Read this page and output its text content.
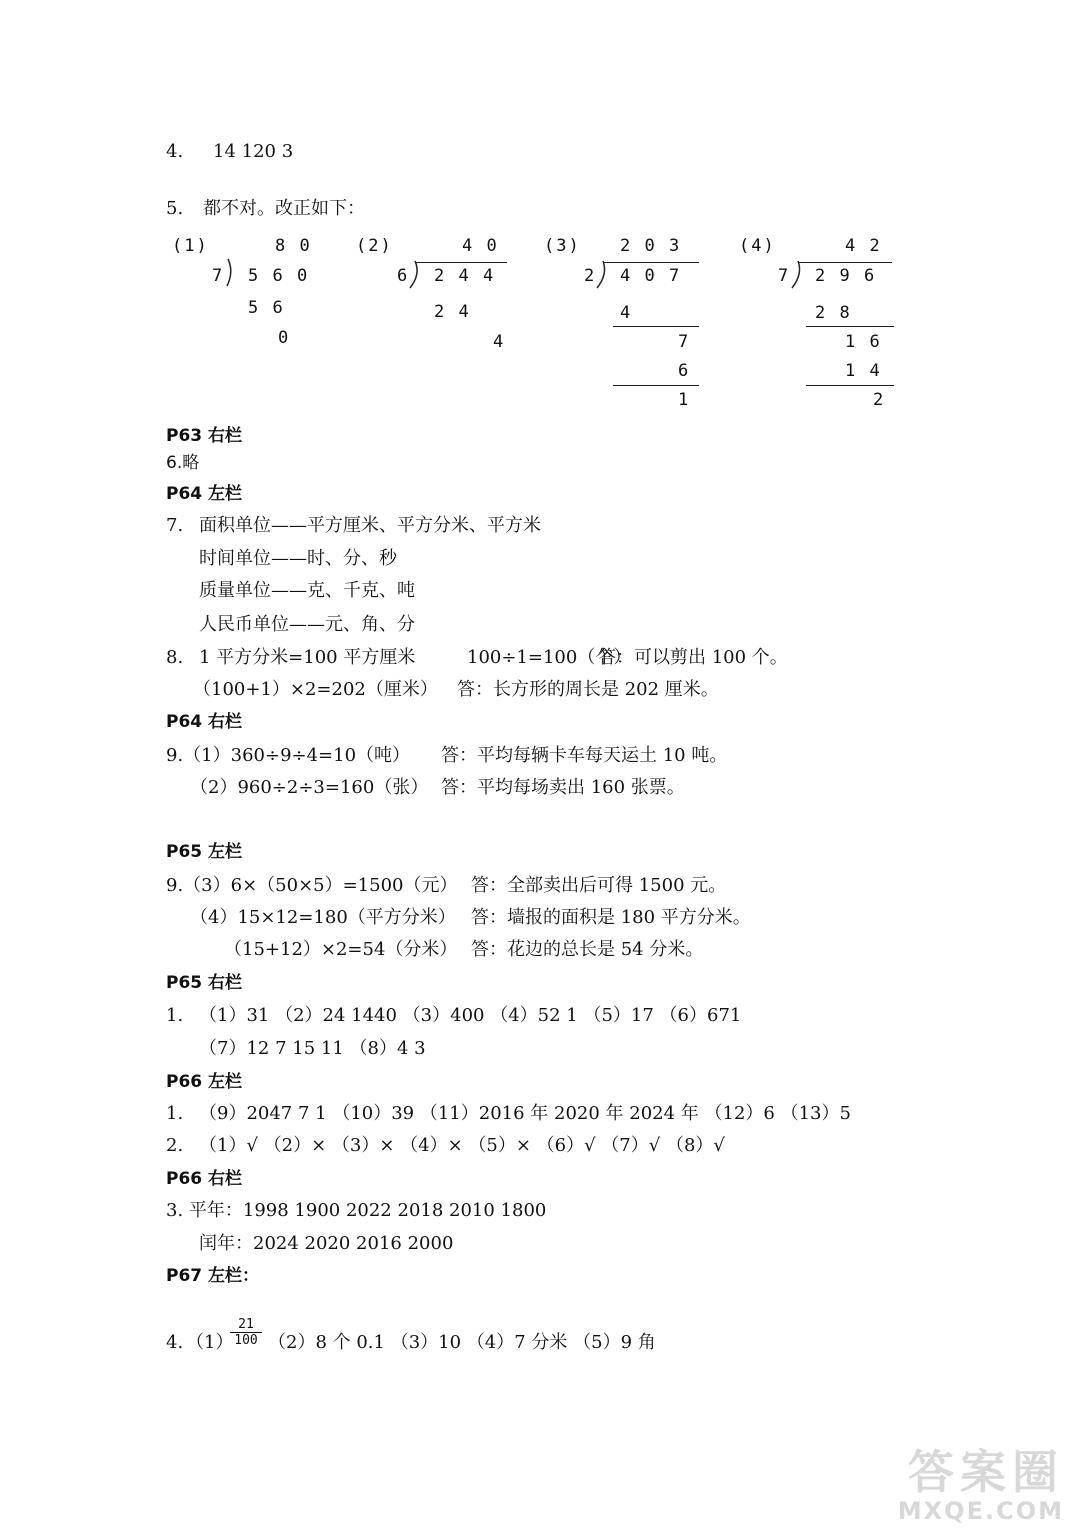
4. 14 120 3
5. 都不对。改正如下：
(1)	8 0
7 5 6 0
5 6
0
(2)	4 0
6 2 4 4
2 4
4
(3) 2 0 3
2 4 0 7
4
7
6
1
(4)	4 2
7 2 9 6
2 8
1 6
1 4
2
P63 右栏
6.略
P64 左栏
7. 面积单位——平方厘米、平方分米、平方米
时间单位——时、分、秒
质量单位——克、千克、吨
人民币单位——元、角、分
8. 1 平方分米=100 平方厘米	100÷1=100（个）
答：可以剪出 100 个。
（100+1）×2=202（厘米） 答：长方形的周长是 202 厘米。
P64 右栏
9.（1）360÷9÷4=10（吨） 答：平均每辆卡车每天运土 10 吨。
（2）960÷2÷3=160（张） 答：平均每场卖出 160 张票。
P65 左栏
9.（3）6×（50×5）=1500（元） 答：全部卖出后可得 1500 元。
（4）15×12=180（平方分米） 答：墙报的面积是 180 平方分米。
（15+12）×2=54（分米） 答：花边的总长是 54 分米。
P65 右栏
1. （1）31 （2）24 1440 （3）400 （4）52 1 （5）17 （6）671
（7）12 7 15 11 （8）4 3
P66 左栏
1. （9）2047 7 1 （10）39 （11）2016 年 2020 年 2024 年 （12）6 （13）5
2. （1）√ （2）× （3）× （4）× （5）× （6）√ （7）√ （8）√
P66 右栏
3. 平年：1998 1900 2022 2018 2010 1800
闰年：2024 2020 2016 2000
P67 左栏：
4. （1）
$\frac{21}{100} (2)8$ 个 0.1 （3）10 （4）7 分米 （5）9 角
答案圈
MXQE.COM
